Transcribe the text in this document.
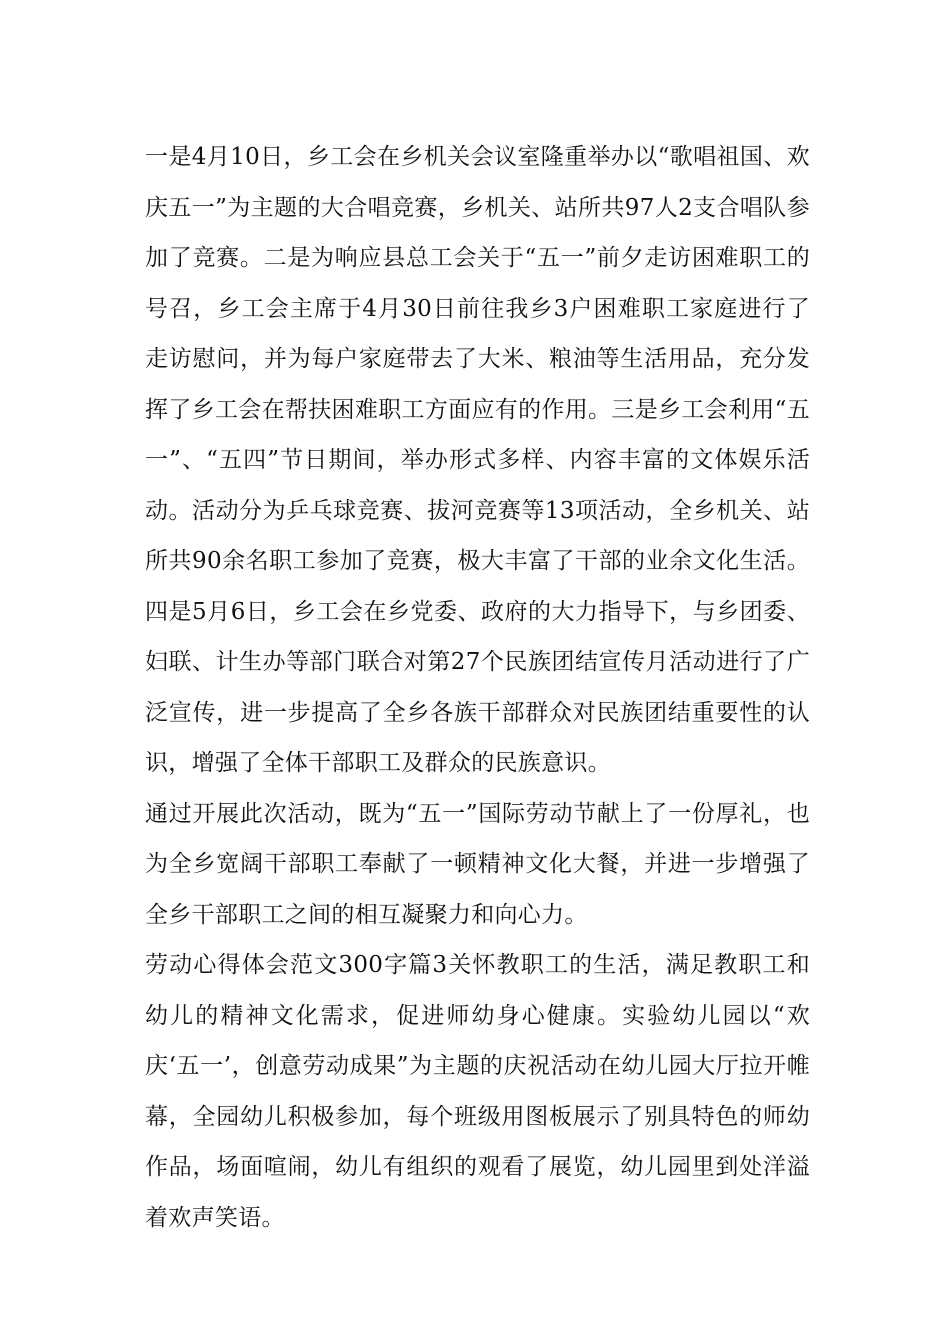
一是4月10日，乡工会在乡机关会议室隆重举办以“歌唱祖国、欢庆五一”为主题的大合唱竞赛，乡机关、站所共97人2支合唱队参加了竞赛。二是为响应县总工会关于“五一”前夕走访困难职工的号召，乡工会主席于4月30日前往我乡3户困难职工家庭进行了走访慰问，并为每户家庭带去了大米、粮油等生活用品，充分发挥了乡工会在帮扶困难职工方面应有的作用。三是乡工会利用“五一”、“五四”节日期间，举办形式多样、内容丰富的文体娱乐活动。活动分为乒乓球竞赛、拔河竞赛等13项活动，全乡机关、站所共90余名职工参加了竞赛，极大丰富了干部的业余文化生活。四是5月6日，乡工会在乡党委、政府的大力指导下，与乡团委、妇联、计生办等部门联合对第27个民族团结宣传月活动进行了广泛宣传，进一步提高了全乡各族干部群众对民族团结重要性的认识，增强了全体干部职工及群众的民族意识。

通过开展此次活动，既为“五一”国际劳动节献上了一份厚礼，也为全乡宽阔干部职工奉献了一顿精神文化大餐，并进一步增强了全乡干部职工之间的相互凝聚力和向心力。

劳动心得体会范文300字篇3关怀教职工的生活，满足教职工和幼儿的精神文化需求，促进师幼身心健康。实验幼儿园以“欢庆‘五一’，创意劳动成果”为主题的庆祝活动在幼儿园大厅拉开帷幕，全园幼儿积极参加，每个班级用图板展示了别具特色的师幼作品，场面喧闹，幼儿有组织的观看了展览，幼儿园里到处洋溢着欢声笑语。
